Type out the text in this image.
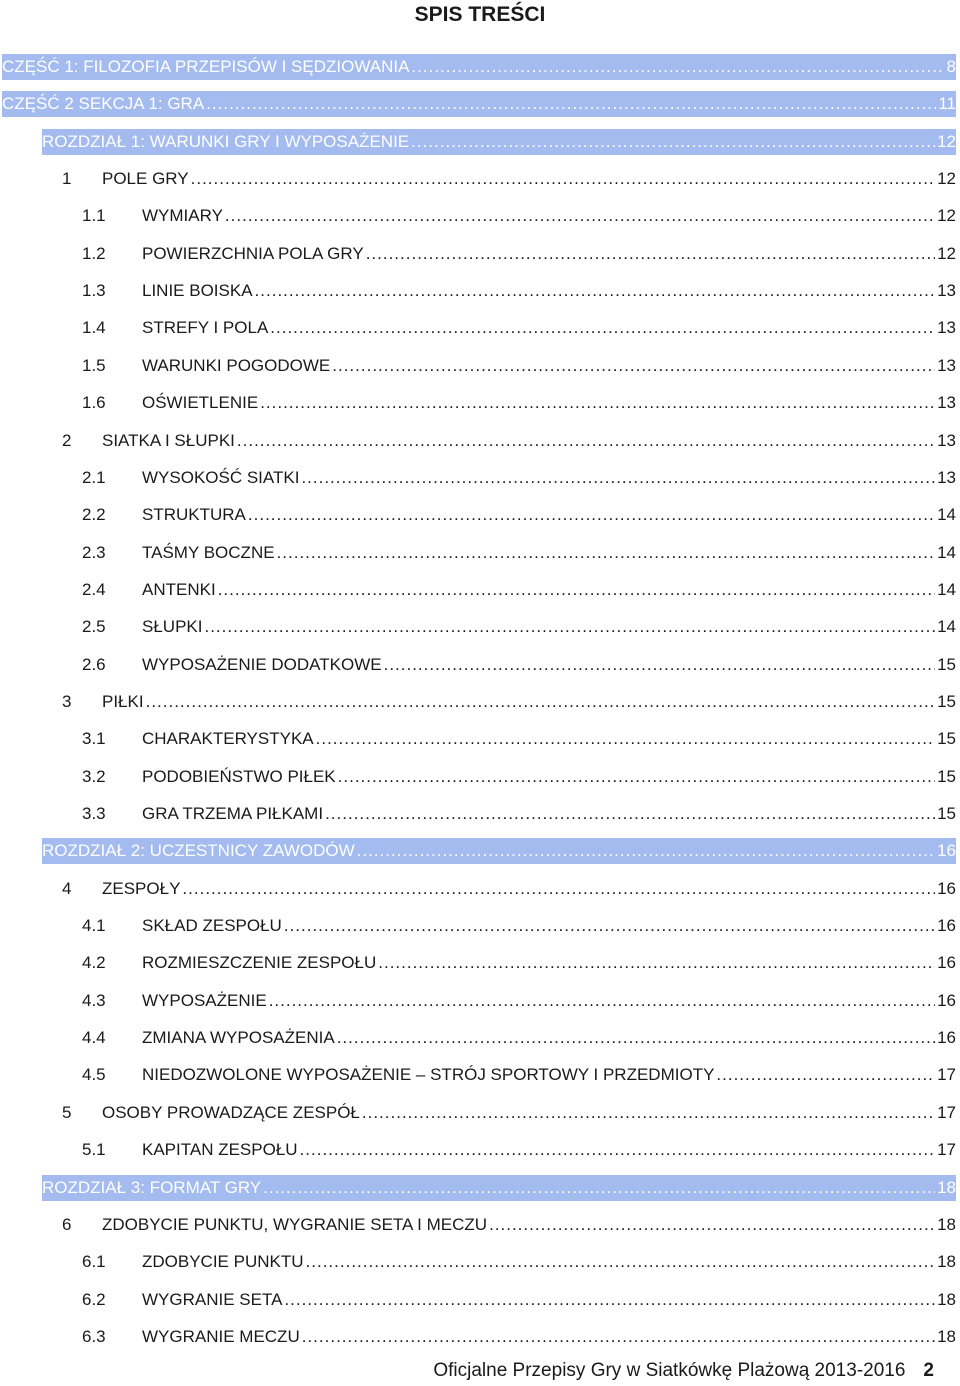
SPIS TREŚCI
CZĘŚĆ 1: FILOZOFIA PRZEPISÓW I SĘDZIOWANIA .....	8
CZĘŚĆ 2 SEKCJA 1: GRA .....	11
ROZDZIAŁ 1: WARUNKI GRY I WYPOSAŻENIE .....	12
1	POLE GRY .....	12
1.1	WYMIARY .....	12
1.2	POWIERZCHNIA POLA GRY .....	12
1.3	LINIE BOISKA .....	13
1.4	STREFY I POLA .....	13
1.5	WARUNKI POGODOWE .....	13
1.6	OŚWIETLENIE .....	13
2	SIATKA I SŁUPKI .....	13
2.1	WYSOKOŚĆ SIATKI .....	13
2.2	STRUKTURA .....	14
2.3	TAŚMY BOCZNE .....	14
2.4	ANTENKI .....	14
2.5	SŁUPKI .....	14
2.6	WYPOSAŻENIE DODATKOWE .....	15
3	PIŁKI .....	15
3.1	CHARAKTERYSTYKA .....	15
3.2	PODOBIEŃSTWO PIŁEK .....	15
3.3	GRA TRZEMA PIŁKAMI .....	15
ROZDZIAŁ 2: UCZESTNICY ZAWODÓW .....	16
4	ZESPOŁY .....	16
4.1	SKŁAD ZESPOŁU .....	16
4.2	ROZMIESZCZENIE ZESPOŁU .....	16
4.3	WYPOSAŻENIE .....	16
4.4	ZMIANA WYPOSAŻENIA .....	16
4.5	NIEDOZWOLONE WYPOSAŻENIE – STRÓJ SPORTOWY I PRZEDMIOTY .....	17
5	OSOBY PROWADZĄCE ZESPÓŁ .....	17
5.1	KAPITAN ZESPOŁU .....	17
ROZDZIAŁ 3: FORMAT GRY .....	18
6	ZDOBYCIE PUNKTU, WYGRANIE SETA I MECZU .....	18
6.1	ZDOBYCIE PUNKTU .....	18
6.2	WYGRANIE SETA .....	18
6.3	WYGRANIE MECZU .....	18
Oficjalne Przepisy Gry w Siatkówkę Plażową 2013-2016 2
